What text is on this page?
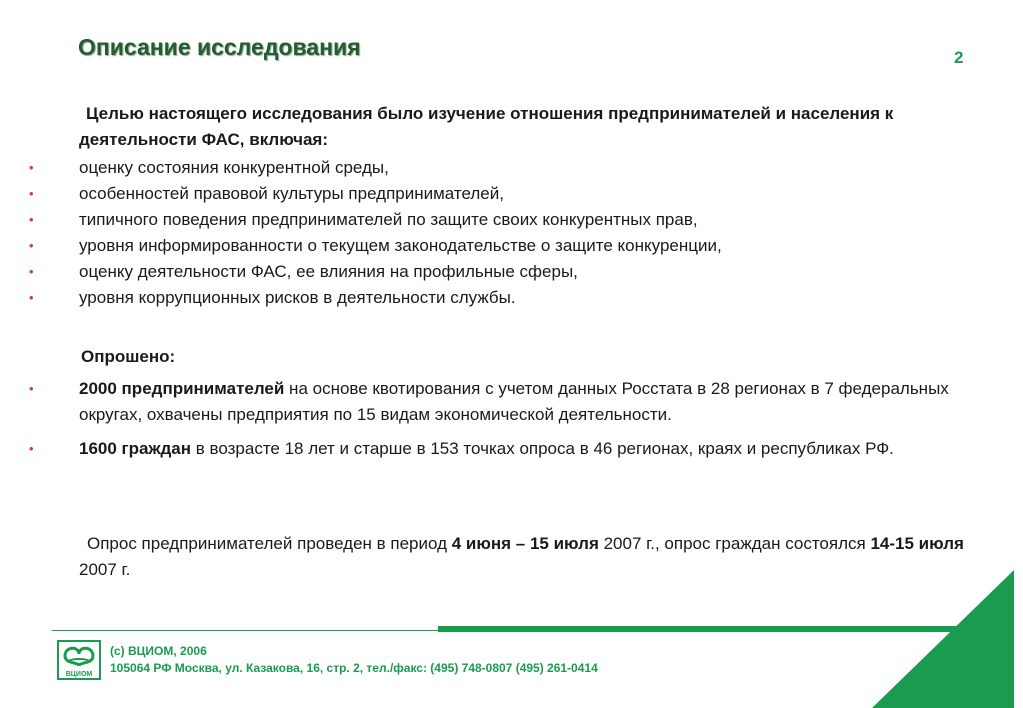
Описание исследования	2
Целью настоящего исследования было изучение отношения предпринимателей и населения к деятельности ФАС, включая:
•	оценку состояния конкурентной среды,
•	особенностей правовой культуры предпринимателей,
•	типичного поведения предпринимателей по защите своих конкурентных прав,
•	уровня информированности о текущем законодательстве о защите конкуренции,
•	оценку деятельности ФАС, ее влияния на профильные сферы,
•	уровня коррупционных рисков в деятельности службы.
Опрошено:
•	2000 предпринимателей на основе квотирования с учетом данных Росстата в 28 регионах в 7 федеральных округах, охвачены предприятия по 15 видам экономической деятельности.
•	1600 граждан в возрасте 18 лет и старше в 153 точках опроса в 46 регионах, краях и республиках РФ.
Опрос предпринимателей проведен в период 4 июня – 15 июля 2007 г., опрос граждан состоялся 14-15 июля 2007 г.
ВЦИОМ
(с) ВЦИОМ, 2006
105064 РФ Москва, ул. Казакова, 16, стр. 2, тел./факс: (495) 748-0807 (495) 261-0414
